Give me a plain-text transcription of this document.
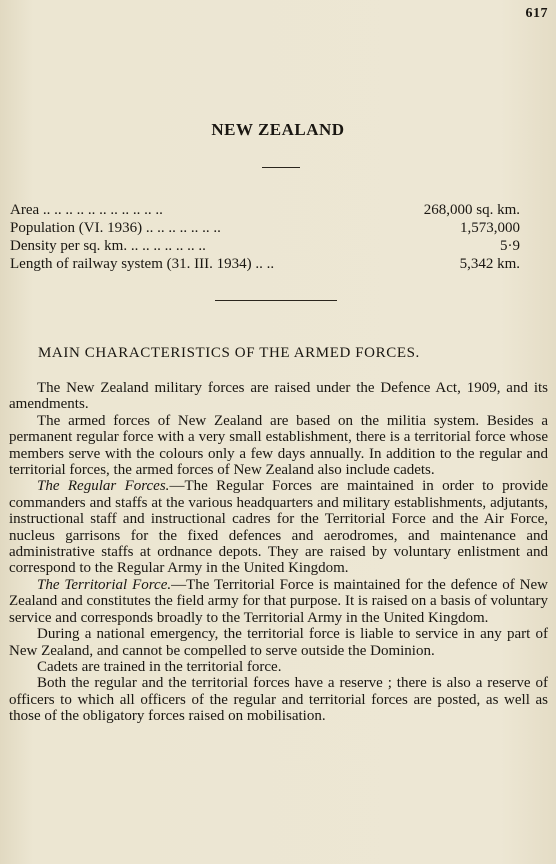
617
NEW ZEALAND
Area .. .. .. .. .. .. .. .. .. .. ..	268,000 sq. km.
Population (VI. 1936) .. .. .. .. .. .. ..	1,573,000
Density per sq. km. .. .. .. .. .. .. ..	5·9
Length of railway system (31. III. 1934) .. ..	5,342 km.
MAIN CHARACTERISTICS OF THE ARMED FORCES.

The New Zealand military forces are raised under the Defence Act, 1909, and its amendments.

The armed forces of New Zealand are based on the militia system. Besides a permanent regular force with a very small establishment, there is a territorial force whose members serve with the colours only a few days annually. In addition to the regular and territorial forces, the armed forces of New Zealand also include cadets.

The Regular Forces.—The Regular Forces are maintained in order to provide commanders and staffs at the various headquarters and military establishments, adjutants, instructional staff and instructional cadres for the Territorial Force and the Air Force, nucleus garrisons for the fixed defences and aerodromes, and maintenance and administrative staffs at ordnance depots. They are raised by voluntary enlistment and correspond to the Regular Army in the United Kingdom.

The Territorial Force.—The Territorial Force is maintained for the defence of New Zealand and constitutes the field army for that purpose. It is raised on a basis of voluntary service and corresponds broadly to the Territorial Army in the United Kingdom.

During a national emergency, the territorial force is liable to service in any part of New Zealand, and cannot be compelled to serve outside the Dominion.

Cadets are trained in the territorial force.

Both the regular and the territorial forces have a reserve ; there is also a reserve of officers to which all officers of the regular and territorial forces are posted, as well as those of the obligatory forces raised on mobilisation.
